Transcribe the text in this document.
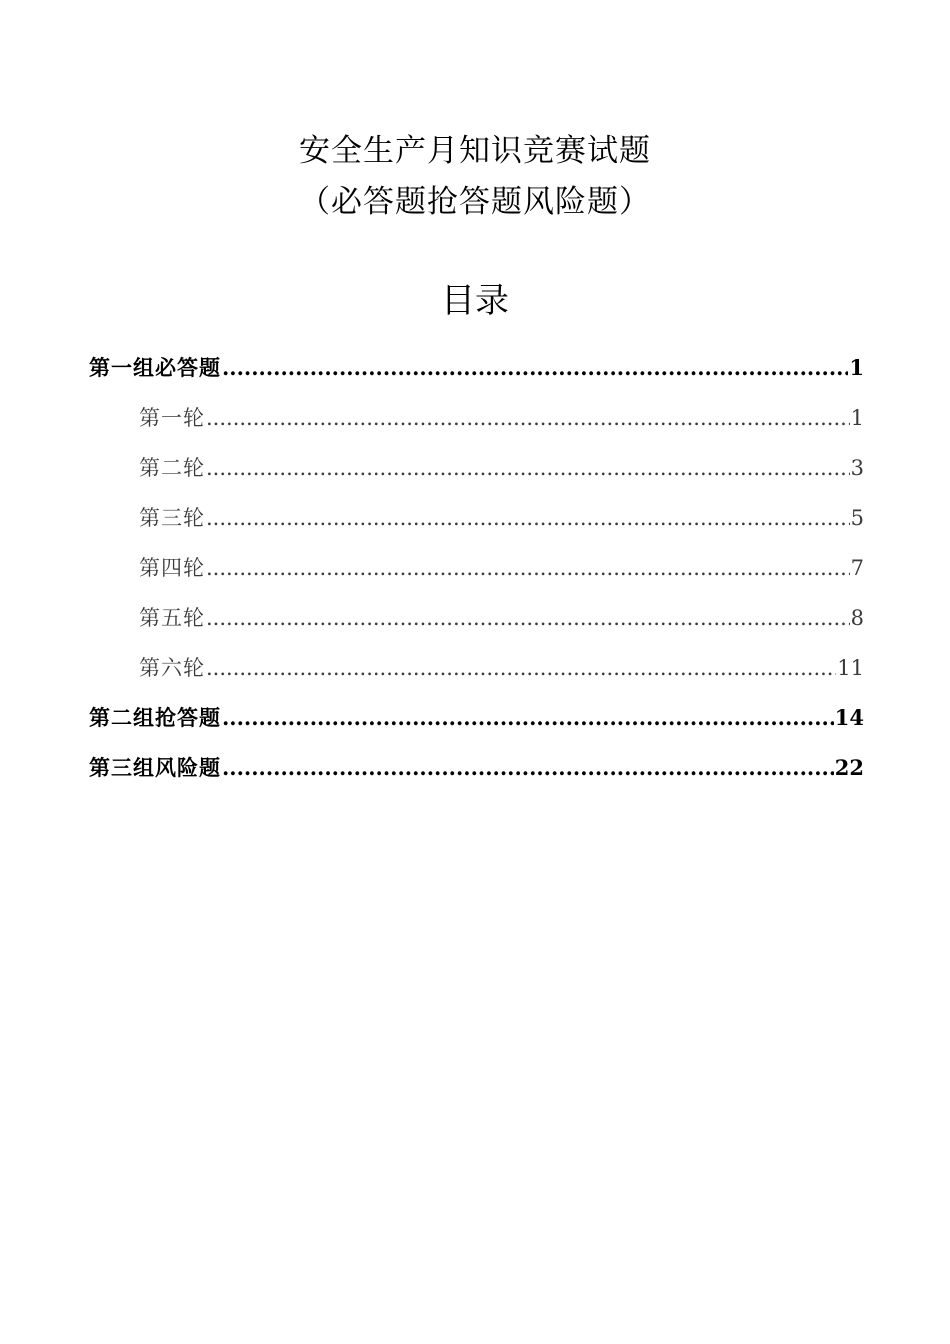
安全生产月知识竞赛试题
（必答题抢答题风险题）
目录
第一组必答题 .....	1
第一轮 .....	1
第二轮 .....	3
第三轮 .....	5
第四轮 .....	7
第五轮 .....	8
第六轮 .....	11
第二组抢答题 .....	14
第三组风险题 .....	22
